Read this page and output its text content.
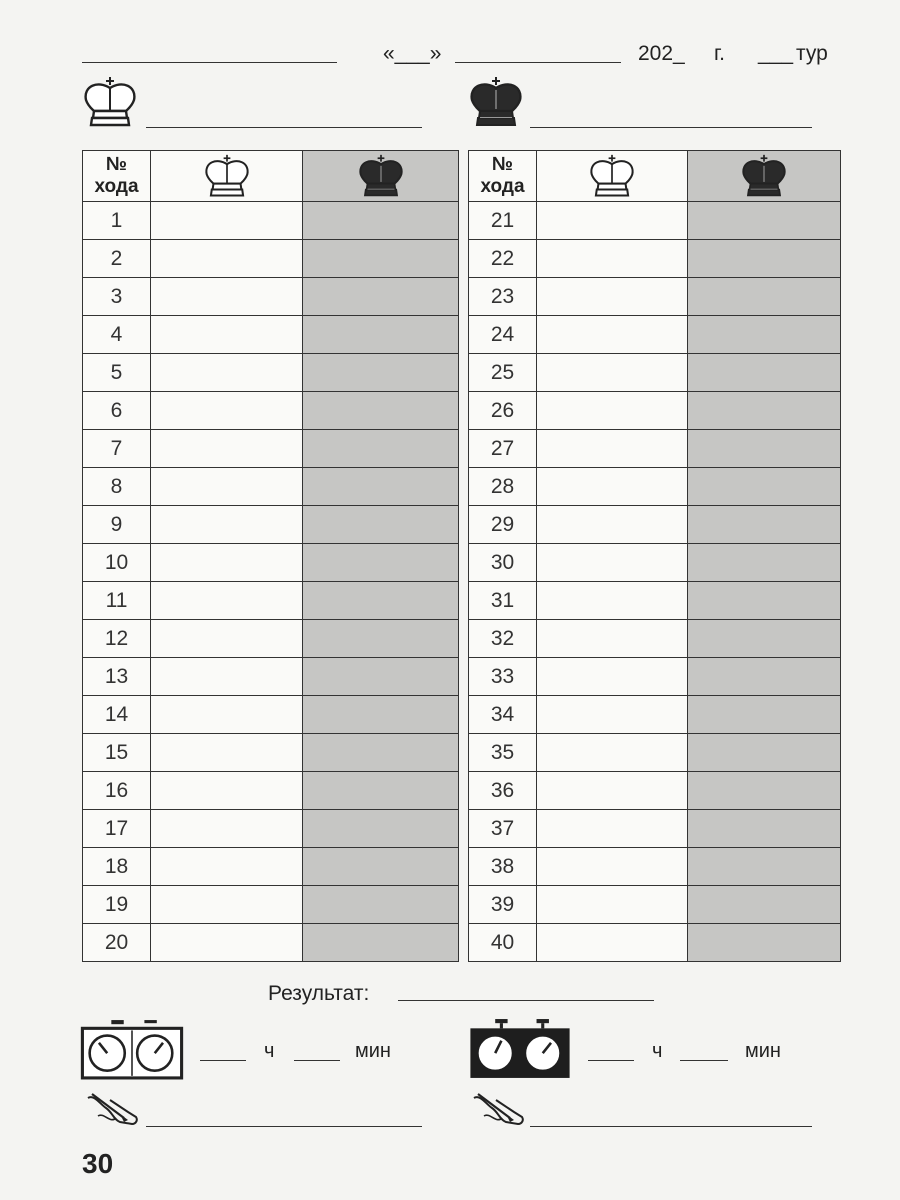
«___»	202_ г. ___ тур
№
хода

1		
2		
3		
4		
5		
6		
7		
8		
9		
10		
11		
12		
13		
14		
15		
16		
17		
18		
19		
20		
№
хода

21		
22		
23		
24		
25		
26		
27		
28		
29		
30		
31		
32		
33		
34		
35		
36		
37		
38		
39		
40		
Результат:
ч	мин	ч	мин
30
